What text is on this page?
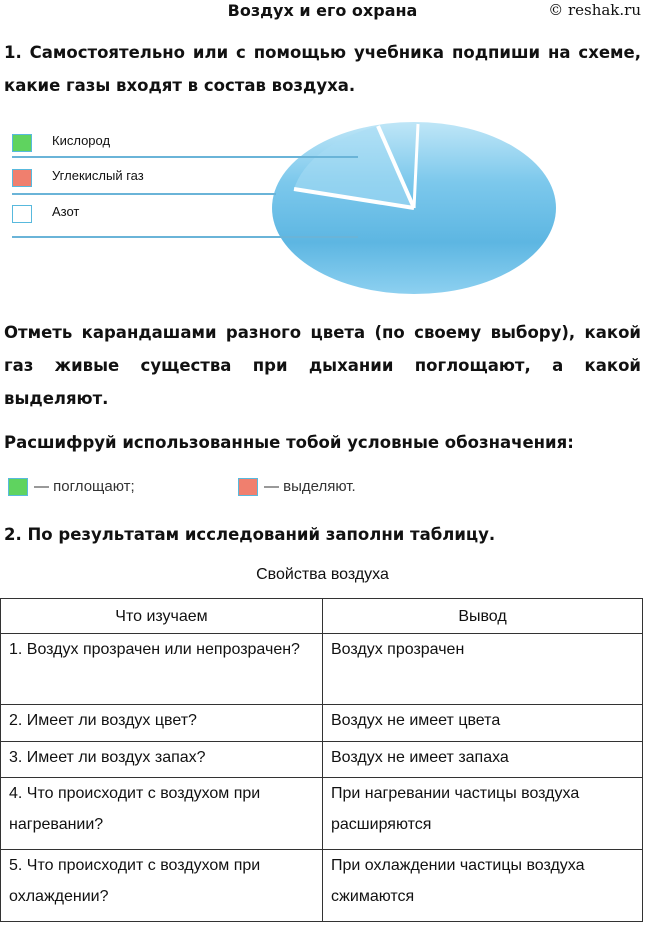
Воздух и его охрана	© reshak.ru
1. Самостоятельно или с помощью учебника подпиши на схеме, какие газы входят в состав воздуха.
Кислород
Углекислый газ
Азот
Отметь карандашами разного цвета (по своему выбору), какой газ живые существа при дыхании поглощают, а какой выделяют.
Расшифруй использованные тобой условные обозначения:
— поглощают;	— выделяют.
2. По результатам исследований заполни таблицу.
Свойства воздуха
Что изучаем	Вывод
1. Воздух прозрачен или непрозрачен?	Воздух прозрачен
2. Имеет ли воздух цвет?	Воздух не имеет цвета
3. Имеет ли воздух запах?	Воздух не имеет запаха
4. Что происходит с воздухом при нагревании?	При нагревании частицы воздуха расширяются
5. Что происходит с воздухом при охлаждении?	При охлаждении частицы воздуха сжимаются
